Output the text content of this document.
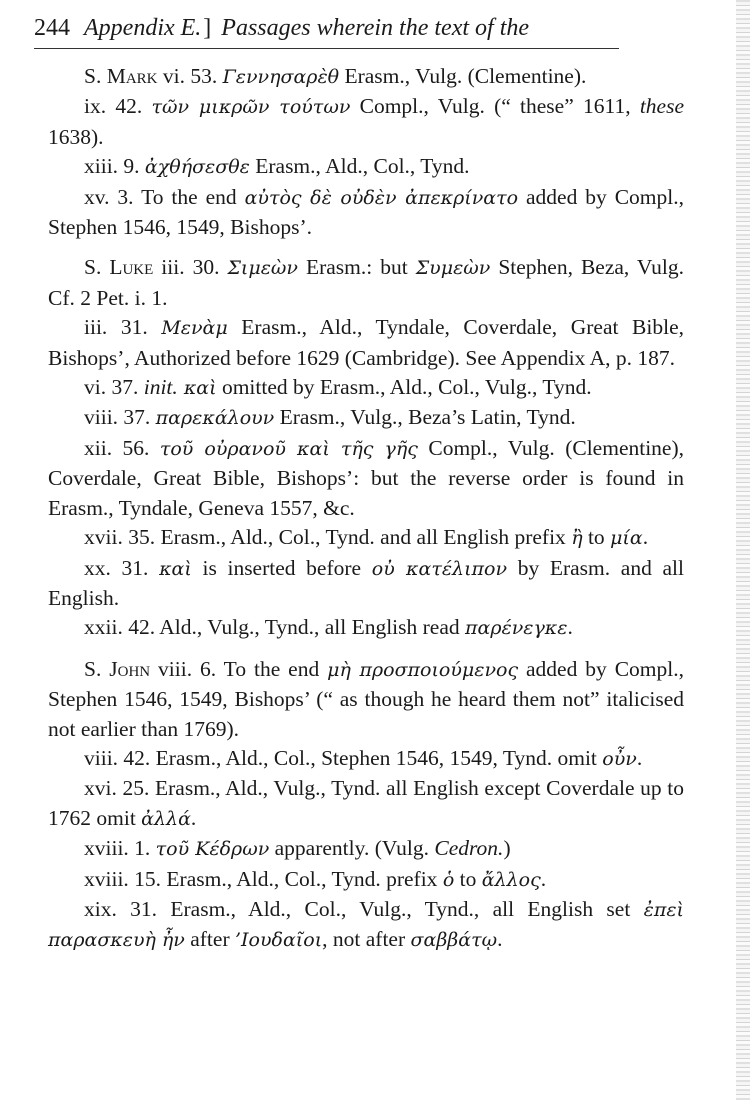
244 Appendix E.] Passages wherein the text of the

S. Mark vi. 53. Γεννησαρὲθ Erasm., Vulg. (Clementine).

ix. 42. τῶν μικρῶν τούτων Compl., Vulg. (“ these” 1611, these 1638).

xiii. 9. ἀχθήσεσθε Erasm., Ald., Col., Tynd.

xv. 3. To the end αὐτὸς δὲ οὐδὲν ἀπεκρίνατο added by Compl., Stephen 1546, 1549, Bishops’.

S. Luke iii. 30. Σιμεὼν Erasm.: but Συμεὼν Stephen, Beza, Vulg. Cf. 2 Pet. i. 1.

iii. 31. Μενὰμ Erasm., Ald., Tyndale, Coverdale, Great Bible, Bishops’, Authorized before 1629 (Cambridge). See Appendix A, p. 187.

vi. 37. init. καὶ omitted by Erasm., Ald., Col., Vulg., Tynd.

viii. 37. παρεκάλουν Erasm., Vulg., Beza’s Latin, Tynd.

xii. 56. τοῦ οὐρανοῦ καὶ τῆς γῆς Compl., Vulg. (Clementine), Coverdale, Great Bible, Bishops’: but the reverse order is found in Erasm., Tyndale, Geneva 1557, &c.

xvii. 35. Erasm., Ald., Col., Tynd. and all English prefix ἢ to μία.

xx. 31. καὶ is inserted before οὐ κατέλιπον by Erasm. and all English.

xxii. 42. Ald., Vulg., Tynd., all English read παρένεγκε.

S. John viii. 6. To the end μὴ προσποιούμενος added by Compl., Stephen 1546, 1549, Bishops’ (“ as though he heard them not” italicised not earlier than 1769).

viii. 42. Erasm., Ald., Col., Stephen 1546, 1549, Tynd. omit οὖν.

xvi. 25. Erasm., Ald., Vulg., Tynd. all English except Coverdale up to 1762 omit ἀλλά.

xviii. 1. τοῦ Κέδρων apparently. (Vulg. Cedron.)

xviii. 15. Erasm., Ald., Col., Tynd. prefix ὁ to ἄλλος.

xix. 31. Erasm., Ald., Col., Vulg., Tynd., all English set ἐπεὶ παρασκευὴ ἦν after ’Ιουδαῖοι, not after σαββάτῳ.
